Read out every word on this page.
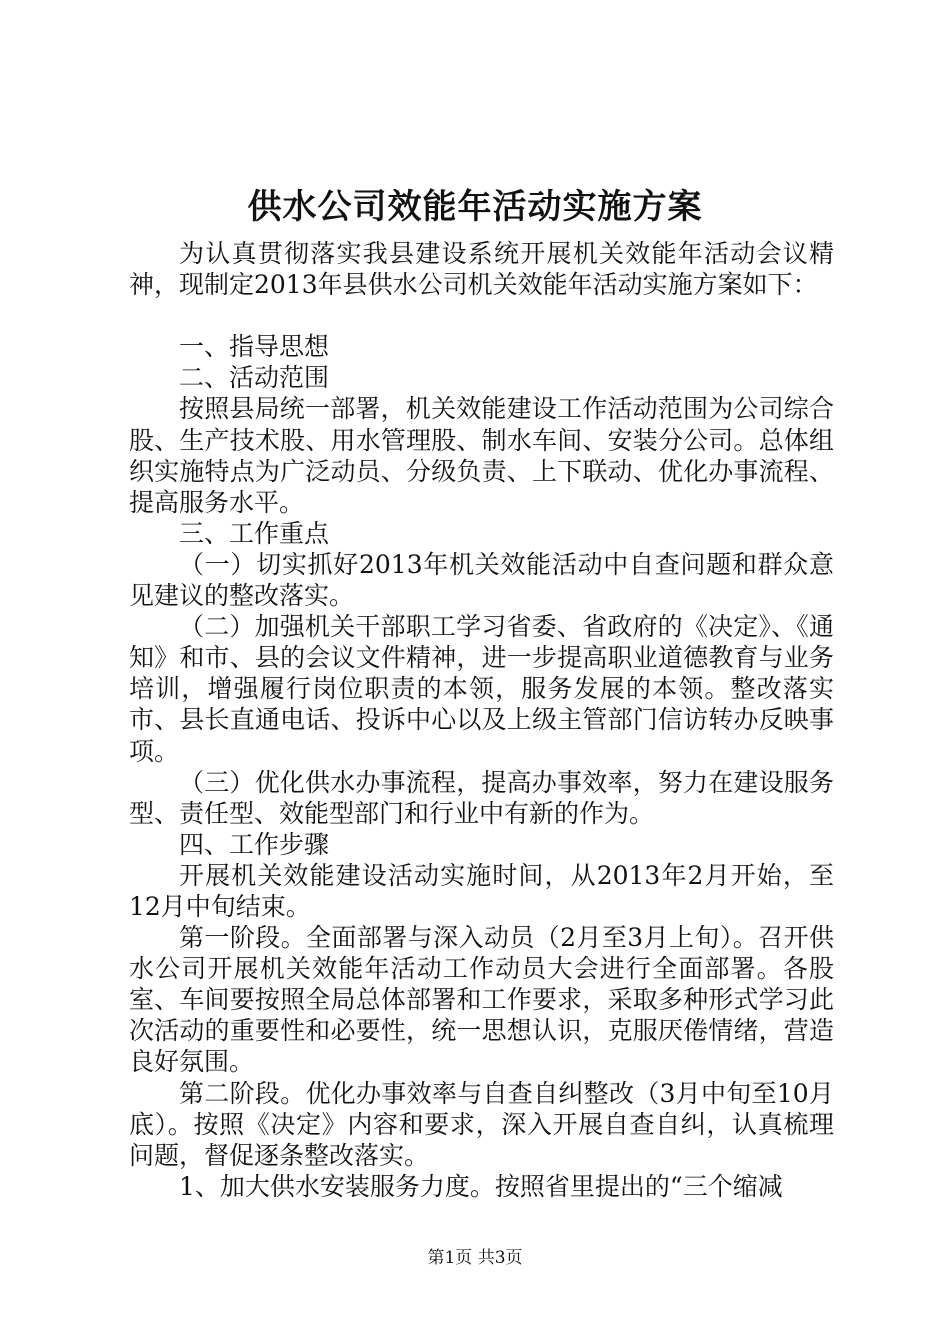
供水公司效能年活动实施方案

为认真贯彻落实我县建设系统开展机关效能年活动会议精神，现制定2013年县供水公司机关效能年活动实施方案如下：

一、指导思想

二、活动范围

按照县局统一部署，机关效能建设工作活动范围为公司综合股、生产技术股、用水管理股、制水车间、安装分公司。总体组织实施特点为广泛动员、分级负责、上下联动、优化办事流程、提高服务水平。

三、工作重点

（一）切实抓好2013年机关效能活动中自查问题和群众意见建议的整改落实。

（二）加强机关干部职工学习省委、省政府的《决定》、《通知》和市、县的会议文件精神，进一步提高职业道德教育与业务培训，增强履行岗位职责的本领，服务发展的本领。整改落实市、县长直通电话、投诉中心以及上级主管部门信访转办反映事项。

（三）优化供水办事流程，提高办事效率，努力在建设服务型、责任型、效能型部门和行业中有新的作为。

四、工作步骤

开展机关效能建设活动实施时间，从2013年2月开始，至12月中旬结束。

第一阶段。全面部署与深入动员（2月至3月上旬）。召开供水公司开展机关效能年活动工作动员大会进行全面部署。各股室、车间要按照全局总体部署和工作要求，采取多种形式学习此次活动的重要性和必要性，统一思想认识，克服厌倦情绪，营造良好氛围。

第二阶段。优化办事效率与自查自纠整改（3月中旬至10月底）。按照《决定》内容和要求，深入开展自查自纠，认真梳理问题，督促逐条整改落实。

1、加大供水安装服务力度。按照省里提出的“三个缩减

第1页 共3页
